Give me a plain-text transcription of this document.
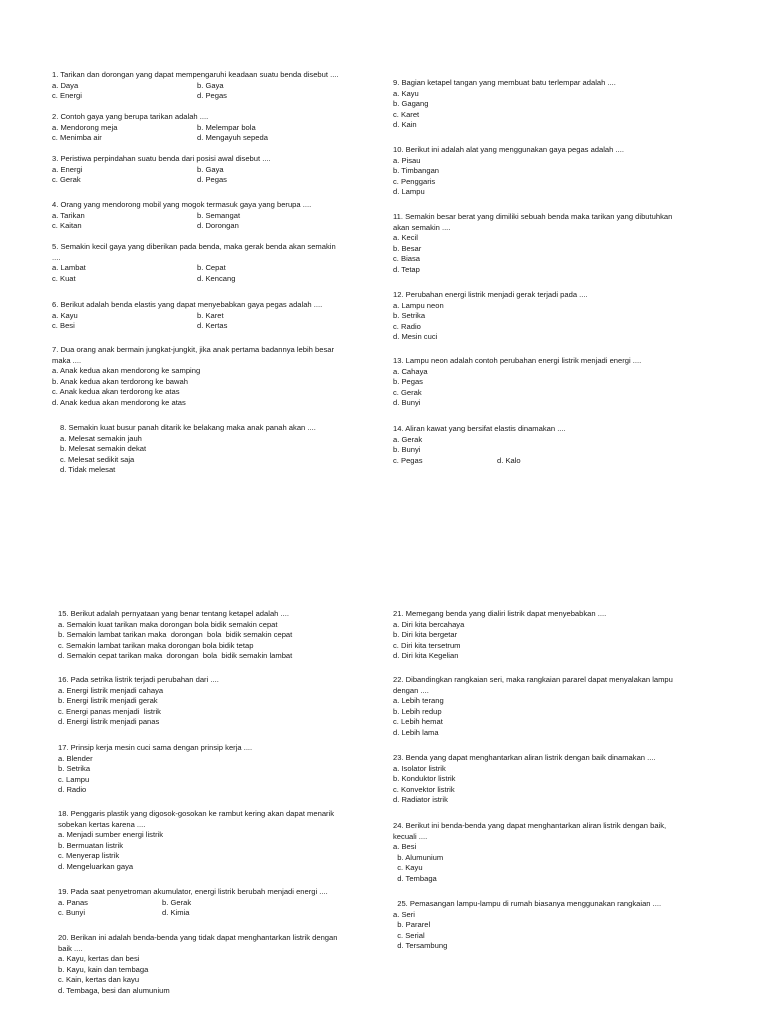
1. Tarikan dan dorongan yang dapat mempengaruhi keadaan suatu benda disebut ....
a. Daya	b. Gaya
c. Energi	d. Pegas
2. Contoh gaya yang berupa tarikan adalah ....
a. Mendorong meja	b. Melempar bola
c. Menimba air	d. Mengayuh sepeda
3. Peristiwa perpindahan suatu benda dari posisi awal disebut ....
a. Energi	b. Gaya
c. Gerak	d. Pegas
4. Orang yang mendorong mobil yang mogok termasuk gaya yang berupa ....
a. Tarikan	b. Semangat
c. Kaitan	d. Dorongan
5. Semakin kecil gaya yang diberikan pada benda, maka gerak benda akan semakin
....
a. Lambat	b. Cepat
c. Kuat	d. Kencang
6. Berikut adalah benda elastis yang dapat menyebabkan gaya pegas adalah ....
a. Kayu	b. Karet
c. Besi	d. Kertas
7. Dua orang anak bermain jungkat-jungkit, jika anak pertama badannya lebih besar
maka ....
a. Anak kedua akan mendorong ke samping
b. Anak kedua akan terdorong ke bawah
c. Anak kedua akan terdorong ke atas
d. Anak kedua akan mendorong ke atas
8. Semakin kuat busur panah ditarik ke belakang maka anak panah akan ....
a. Melesat semakin jauh
b. Melesat semakin dekat
c. Melesat sedikit saja
d. Tidak melesat
9. Bagian ketapel tangan yang membuat batu terlempar adalah ....
a. Kayu
b. Gagang
c. Karet
d. Kain
10. Berikut ini adalah alat yang menggunakan gaya pegas adalah ....
a. Pisau
b. Timbangan
c. Penggaris
d. Lampu
11. Semakin besar berat yang dimiliki sebuah benda maka tarikan yang dibutuhkan
akan semakin ....
a. Kecil
b. Besar
c. Biasa
d. Tetap
12. Perubahan energi listrik menjadi gerak terjadi pada ....
a. Lampu neon
b. Setrika
c. Radio
d. Mesin cuci
13. Lampu neon adalah contoh perubahan energi listrik menjadi energi ....
a. Cahaya
b. Pegas
c. Gerak
d. Bunyi
14. Aliran kawat yang bersifat elastis dinamakan ....
a. Gerak
b. Bunyi
c. Pegas	d. Kalo
15. Berikut adalah pernyataan yang benar tentang ketapel adalah ....
a. Semakin kuat tarikan maka dorongan bola bidik semakin cepat
b. Semakin lambat tarikan maka  dorongan  bola  bidik semakin cepat
c. Semakin lambat tarikan maka dorongan bola bidik tetap
d. Semakin cepat tarikan maka  dorongan  bola  bidik semakin lambat
16. Pada setrika listrik terjadi perubahan dari ....
a. Energi listrik menjadi cahaya
b. Energi listrik menjadi gerak
c. Energi panas menjadi  listrik
d. Energi listrik menjadi panas
17. Prinsip kerja mesin cuci sama dengan prinsip kerja ....
a. Blender
b. Setrika
c. Lampu
d. Radio
18. Penggaris plastik yang digosok-gosokan ke rambut kering akan dapat menarik
sobekan kertas karena ....
a. Menjadi sumber energi listrik
b. Bermuatan listrik
c. Menyerap listrik
d. Mengeluarkan gaya
19. Pada saat penyetroman akumulator, energi listrik berubah menjadi energi ....
a. Panas	b. Gerak
c. Bunyi	d. Kimia
20. Berikan ini adalah benda-benda yang tidak dapat menghantarkan listrik dengan
baik ....
a. Kayu, kertas dan besi
b. Kayu, kain dan tembaga
c. Kain, kertas dan kayu
d. Tembaga, besi dan alumunium
21. Memegang benda yang dialiri listrik dapat menyebabkan ....
a. Diri kita bercahaya
b. Diri kita bergetar
c. Diri kita tersetrum
d. Diri kita Kegelian
22. Dibandingkan rangkaian seri, maka rangkaian pararel dapat menyalakan lampu
dengan ....
a. Lebih terang
b. Lebih redup
c. Lebih hemat
d. Lebih lama
23. Benda yang dapat menghantarkan aliran listrik dengan baik dinamakan ....
a. Isolator listrik
b. Konduktor listrik
c. Konvektor listrik
d. Radiator istrik
24. Berikut ini benda-benda yang dapat menghantarkan aliran listrik dengan baik,
kecuali ....
a. Besi
b. Alumunium
c. Kayu
d. Tembaga
25. Pemasangan lampu-lampu di rumah biasanya menggunakan rangkaian ....
a. Seri
b. Pararel
c. Serial
d. Tersambung
